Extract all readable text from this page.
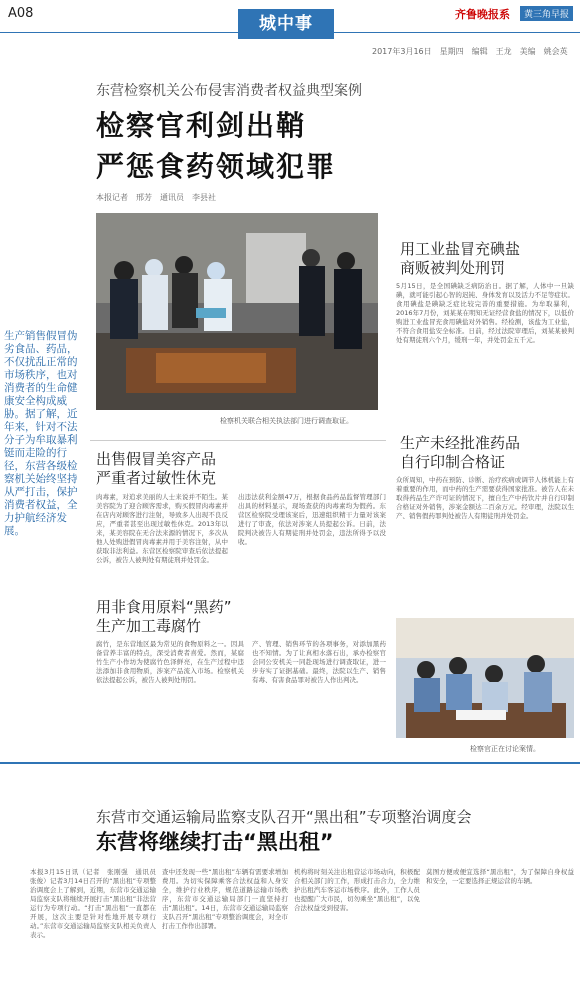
A08
城中事	齐鲁晚报系	黄三角早报
2017年3月16日　星期四　编辑　王龙　美编　姚会英
东营检察机关公布侵害消费者权益典型案例
检察官利剑出鞘
严惩食药领域犯罪
本报记者　邢芳　通讯员　李县社
检察机关联合相关执法部门进行调查取证。
生产销售假冒伪劣食品、药品，不仅扰乱正常的市场秩序，也对消费者的生命健康安全构成威胁。据了解，近年来，针对不法分子为牟取暴利铤而走险的行径，东营各级检察机关始终坚持从严打击，保护消费者权益，全力护航经济发展。
用工业盐冒充碘盐
商贩被判处刑罚
5月15日，是全国碘缺乏病防治日。据了解，人体中一旦缺碘，就可能引起心智的迟钝、身体发育以及活力不足等症状。食用碘盐是碘缺乏症比较完善的重要措施。为牟取暴利，2016年7月份，刘某某在明知无证经营食盐的情况下，以低价购进工业盐冒充食用碘盐对外销售。经检测，该盐为工业盐，不符合食用盐安全标准。日前，经过法院审理后，刘某某被判处有期徒刑六个月，缓刑一年，并处罚金五千元。
出售假冒美容产品
严重者过敏性休克
肉毒素，对追求美丽的人士来说并不陌生。某美容院为了迎合顾客需求，购买假冒肉毒素并在店内对顾客进行注射，导致多人出现不良反应，严重者甚至出现过敏性休克。2013年以来，某美容院在无合法来源的情况下，多次从他人处购进假冒肉毒素并用于美容注射，从中获取非法利益。东营区检察院审查后依法提起公诉，被告人被判处有期徒刑并处罚金。
出违法获利金额47万，根据食品药品监督管理部门出具的材料显示，现场查获的肉毒素均为假药。东营区检察院受理该案后，迅速组织精干力量对该案进行了审查，依法对涉案人员提起公诉。日前，法院判决被告人有期徒刑并处罚金，违法所得予以没收。
生产未经批准药品
自行印制合格证
众所周知，中药在预防、诊断、治疗疾病或调节人体机能上有着重要的作用，而中药的生产需要获得国家批准。被告人在未取得药品生产许可证的情况下，擅自生产中药饮片并自行印制合格证对外销售，涉案金额达二百余万元。经审理，法院以生产、销售假药罪判处被告人有期徒刑并处罚金。
用非食用原料“黑药”
生产加工毒腐竹
腐竹，是东营地区最为常见的食物原料之一。因具备营养丰富的特点，深受消费者喜爱。然而，某腐竹生产小作坊为使腐竹色泽鲜亮，在生产过程中违法添加非食用物质，涉案产品流入市场。检察机关依法提起公诉，被告人被判处刑罚。
产、管理、销售环节的各项事务，对添加黑药也不知情。为了让真相水落石出，承办检察官会同公安机关一同赴现场进行调查取证，进一步夯实了证据基础。最终，法院以生产、销售有毒、有害食品罪对被告人作出判决。
检察官正在讨论案情。
东营市交通运输局监察支队召开“黑出租”专项整治调度会
东营将继续打击“黑出租”
本报3月15日讯（记者　张刚强　通讯员　张俊）记者3月14日召开的“黑出租”专项整治调度会上了解到，近期，东营市交通运输局监察支队将继续开展打击“黑出租”非法营运行为专项行动。“打击“黑出租”一直都在开展，这次主要是针对性地开展专项行动。”东营市交通运输局监察支队相关负责人表示。
查中还发现一些“黑出租”车辆有需要求增加费用。为切实保障乘客合法权益和人身安全，维护行业秩序，规范道路运输市场秩序，东营市交通运输局部门一直坚持打击“黑出租”。14日，东营市交通运输局监察支队召开“黑出租”专项整治调度会，对全市打击工作作出部署。
机构将时刻关注出租营运市场动向，积极配合相关部门的工作，形成打击合力，全力维护出租汽车客运市场秩序。此外，工作人员也提醒广大市民，切勿乘坐“黑出租”，以免合法权益受到侵害。
莫图方便或便宜选择“黑出租”，为了保障自身权益和安全，一定要选择正规运营的车辆。
